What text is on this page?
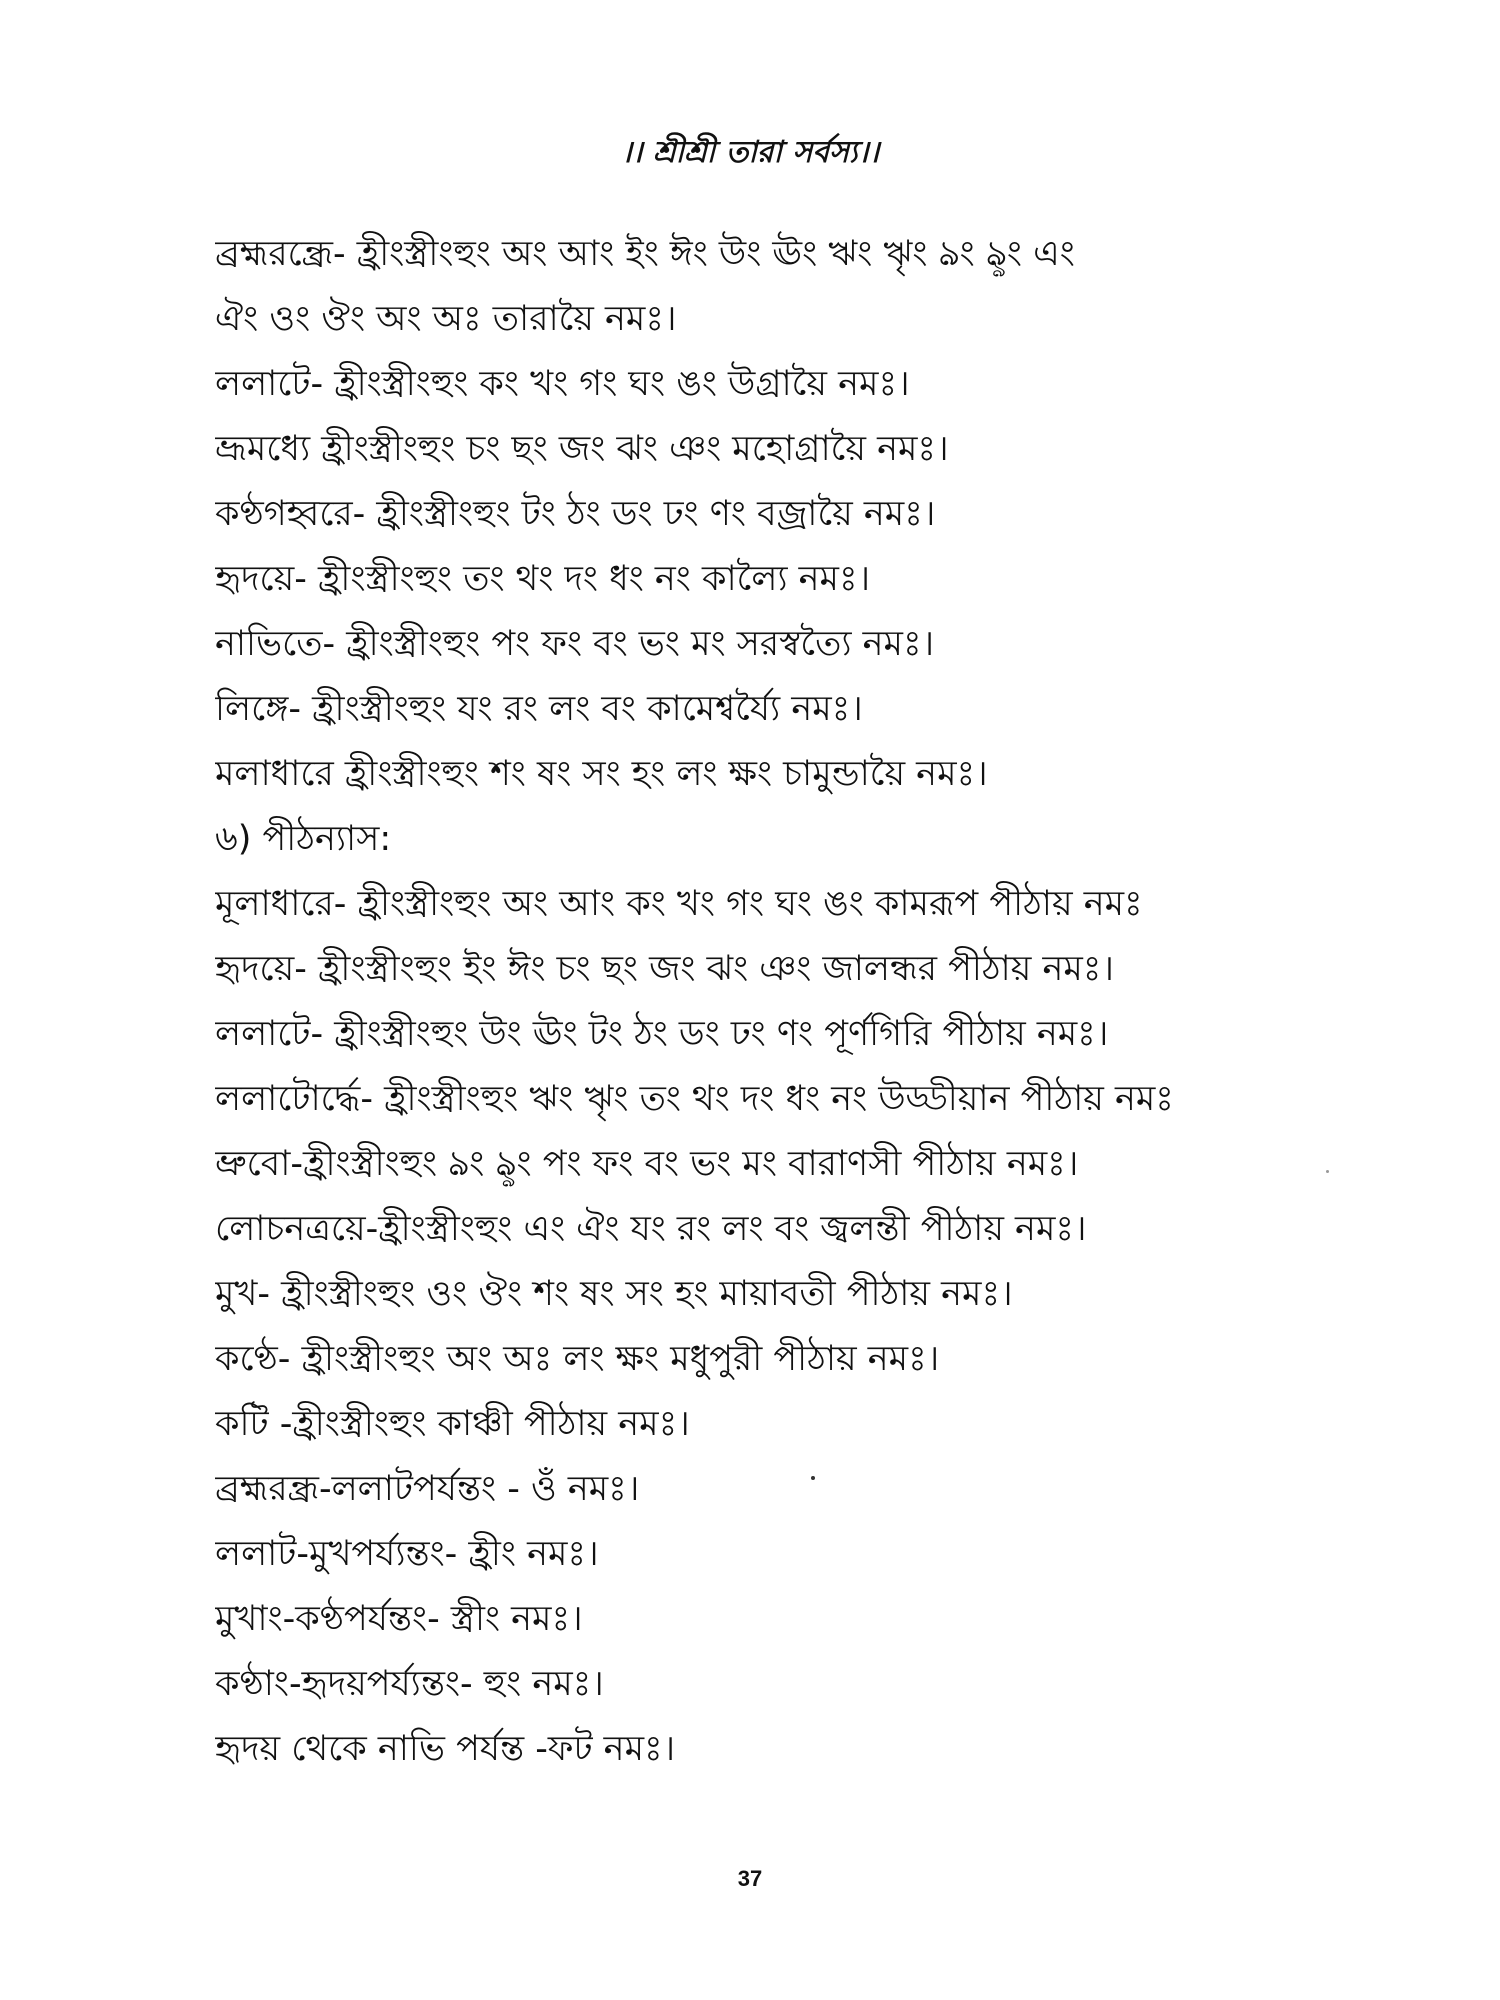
।। শ্রীশ্রী তারা সর্বস্য।।
ব্রহ্মরন্ধ্রে- হ্রীংস্ত্রীংহুং অং আং ইং ঈং উং ঊং ঋং ৠং ঌং ৡং এং
ঐং ওং ঔং অং অঃ তারায়ৈ নমঃ।
ললাটে- হ্রীংস্ত্রীংহুং কং খং গং ঘং ঙং উগ্রায়ৈ নমঃ।
ভ্রূমধ্যে হ্রীংস্ত্রীংহুং চং ছং জং ঝং ঞং মহোগ্রায়ৈ নমঃ।
কণ্ঠগহ্বরে- হ্রীংস্ত্রীংহুং টং ঠং ডং ঢং ণং বজ্রায়ৈ নমঃ।
হৃদয়ে- হ্রীংস্ত্রীংহুং তং থং দং ধং নং কাল্যৈ নমঃ।
নাভিতে- হ্রীংস্ত্রীংহুং পং ফং বং ভং মং সরস্বত্যৈ নমঃ।
লিঙ্গে- হ্রীংস্ত্রীংহুং যং রং লং বং কামেশ্বর্য্যৈ নমঃ।
মলাধারে হ্রীংস্ত্রীংহুং শং ষং সং হং লং ক্ষং চামুন্ডায়ৈ নমঃ।
৬) পীঠন্যাস:
মূলাধারে- হ্রীংস্ত্রীংহুং অং আং কং খং গং ঘং ঙং কামরূপ পীঠায় নমঃ
হৃদয়ে- হ্রীংস্ত্রীংহুং ইং ঈং চং ছং জং ঝং ঞং জালন্ধর পীঠায় নমঃ।
ললাটে- হ্রীংস্ত্রীংহুং উং ঊং টং ঠং ডং ঢং ণং পূর্ণগিরি পীঠায় নমঃ।
ললাটোর্দ্ধে- হ্রীংস্ত্রীংহুং ঋং ৠং তং থং দং ধং নং উড্ডীয়ান পীঠায় নমঃ
ভ্রুবো-হ্রীংস্ত্রীংহুং ঌং ৡং পং ফং বং ভং মং বারাণসী পীঠায় নমঃ।
লোচনত্রয়ে-হ্রীংস্ত্রীংহুং এং ঐং যং রং লং বং জ্বলন্তী পীঠায় নমঃ।
মুখ- হ্রীংস্ত্রীংহুং ওং ঔং শং ষং সং হং মায়াবতী পীঠায় নমঃ।
কণ্ঠে- হ্রীংস্ত্রীংহুং অং অঃ লং ক্ষং মধুপুরী পীঠায় নমঃ।
কটি -হ্রীংস্ত্রীংহুং কাঞ্চী পীঠায় নমঃ।
ব্রহ্মরন্ধ্র-ললাটপর্যন্তং - ওঁ নমঃ।
ললাট-মুখপর্য্যন্তং- হ্রীং নমঃ।
মুখাং-কণ্ঠপর্যন্তং- স্ত্রীং নমঃ।
কণ্ঠাং-হৃদয়পর্য্যন্তং- হুং নমঃ।
হৃদয় থেকে নাভি পর্যন্ত -ফট নমঃ।
37
